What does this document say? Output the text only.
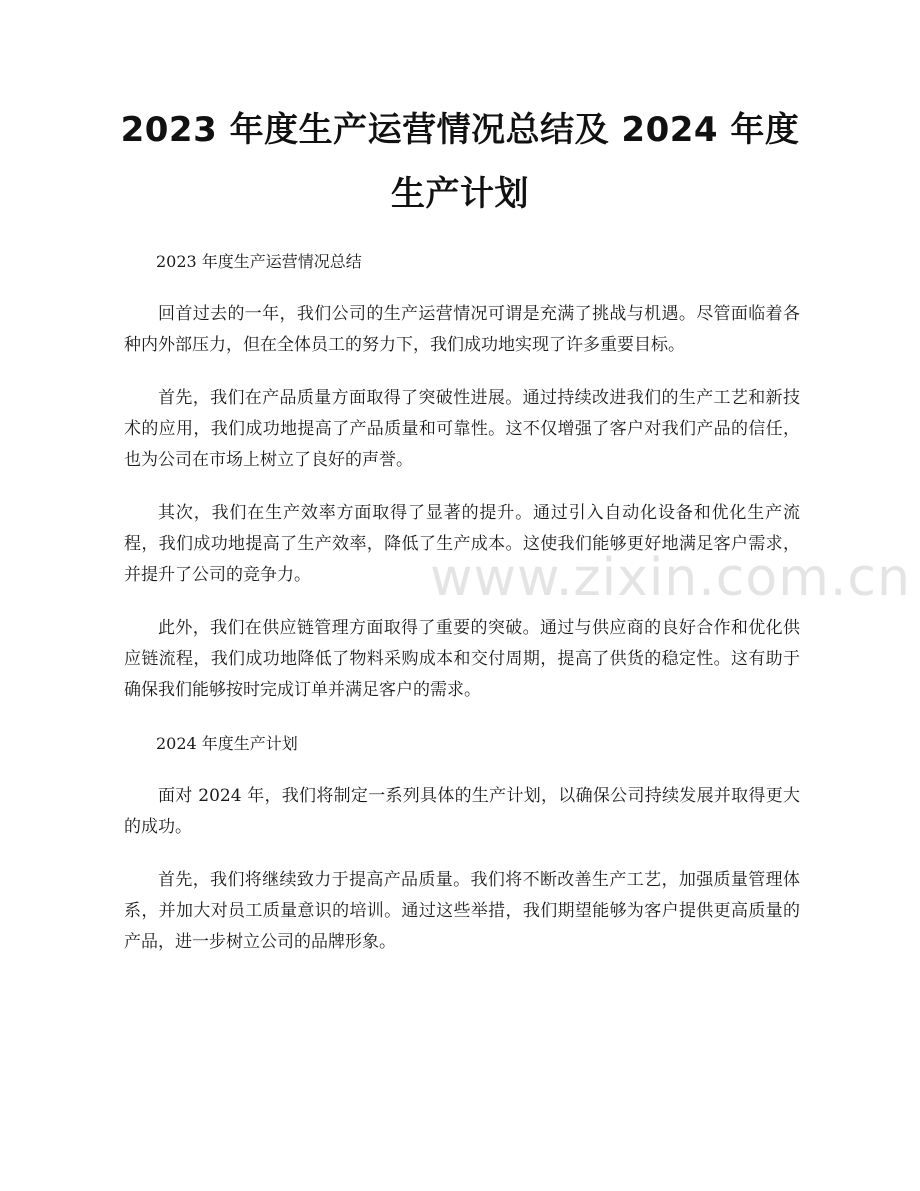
2023 年度生产运营情况总结及 2024 年度生产计划

2023 年度生产运营情况总结

回首过去的一年，我们公司的生产运营情况可谓是充满了挑战与机遇。尽管面临着各种内外部压力，但在全体员工的努力下，我们成功地实现了许多重要目标。

首先，我们在产品质量方面取得了突破性进展。通过持续改进我们的生产工艺和新技术的应用，我们成功地提高了产品质量和可靠性。这不仅增强了客户对我们产品的信任，也为公司在市场上树立了良好的声誉。

其次，我们在生产效率方面取得了显著的提升。通过引入自动化设备和优化生产流程，我们成功地提高了生产效率，降低了生产成本。这使我们能够更好地满足客户需求，并提升了公司的竞争力。

此外，我们在供应链管理方面取得了重要的突破。通过与供应商的良好合作和优化供应链流程，我们成功地降低了物料采购成本和交付周期，提高了供货的稳定性。这有助于确保我们能够按时完成订单并满足客户的需求。

2024 年度生产计划

面对 2024 年，我们将制定一系列具体的生产计划，以确保公司持续发展并取得更大的成功。

首先，我们将继续致力于提高产品质量。我们将不断改善生产工艺，加强质量管理体系，并加大对员工质量意识的培训。通过这些举措，我们期望能够为客户提供更高质量的产品，进一步树立公司的品牌形象。

www.zixin.com.cn
